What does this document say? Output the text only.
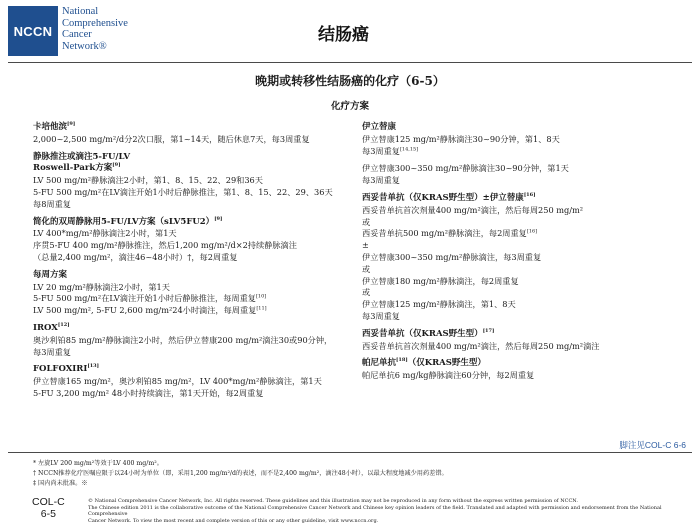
NCCN
National
Comprehensive
Cancer
Network®
结肠癌
晚期或转移性结肠癌的化疗（6-5）
化疗方案
卡培他滨[9]
2,000~2,500 mg/m²/d分2次口服，第1~14天，随后休息7天，每3周重复
静脉推注或滴注5-FU/LV
Roswell-Park方案[9]
LV 500 mg/m²静脉滴注2小时，第1、8、15、22、29和36天
5-FU 500 mg/m²在LV滴注开始1小时后静脉推注，第1、8、15、22、29、36天
每8周重复
简化的双周静脉用5-FU/LV方案（sLV5FU2）[9]
LV 400*mg/m²静脉滴注2小时，第1天
序贯5-FU 400 mg/m²静脉推注，然后1,200 mg/m²/d×2持续静脉滴注
（总量2,400 mg/m²，滴注46~48小时）†，每2周重复
每周方案
LV 20 mg/m²静脉滴注2小时，第1天
5-FU 500 mg/m²在LV滴注开始1小时后静脉推注，每周重复[10]
LV 500 mg/m², 5-FU 2,600 mg/m²24小时滴注，每周重复[11]
IROX[12]
奥沙利铂85 mg/m²静脉滴注2小时，然后伊立替康200 mg/m²滴注30或90分钟，
每3周重复
FOLFOXIRI[13]
伊立替康165 mg/m²，奥沙利铂85 mg/m²，LV 400*mg/m²静脉滴注，第1天
5-FU 3,200 mg/m² 48小时持续滴注，第1天开始，每2周重复
伊立替康
伊立替康125 mg/m²静脉滴注30~90分钟，第1、8天
每3周重复[14,15]
伊立替康300~350 mg/m²静脉滴注30~90分钟，第1天
每3周重复
西妥昔单抗（仅KRAS野生型）±伊立替康[16]
西妥昔单抗首次剂量400 mg/m²滴注，然后每周250 mg/m²
或
西妥昔单抗500 mg/m²静脉滴注，每2周重复[16]
±
伊立替康300~350 mg/m²静脉滴注，每3周重复
或
伊立替康180 mg/m²静脉滴注，每2周重复
或
伊立替康125 mg/m²静脉滴注，第1、8天
每3周重复
西妥昔单抗（仅KRAS野生型）[17]
西妥昔单抗首次剂量400 mg/m²滴注，然后每周250 mg/m²滴注
帕尼单抗[18]（仅KRAS野生型）
帕尼单抗6 mg/kg静脉滴注60分钟，每2周重复
脚注见COL-C 6-6
* 左旋LV 200 mg/m²等效于LV 400 mg/m²。
† NCCN推荐化疗医嘱应限于以24小时为单位（即，采用1,200 mg/m²/d的表述，而不是2,400 mg/m²，滴注48小时），以最大程度地减少用药差错。
‡ 国内尚未批准。※
COL-C
6-5
© National Comprehensive Cancer Network, Inc. All rights reserved. These guidelines and this illustration may not be reproduced in any form without the express written permission of NCCN.
The Chinese edition 2011 is the collaborative outcome of the National Comprehensive Cancer Network and Chinese key opinion leaders of the field. Translated and adapted with permission and endorsement from the National Comprehensive
Cancer Network. To view the most recent and complete version of this or any other guideline, visit www.nccn.org.
